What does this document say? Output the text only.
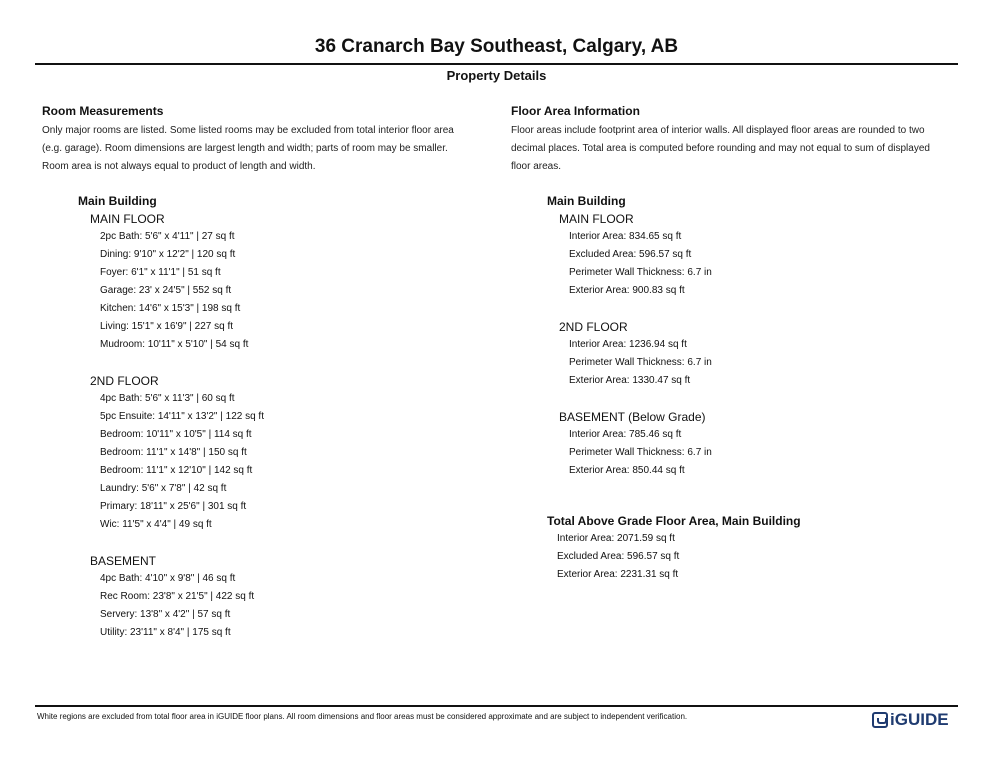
36 Cranarch Bay Southeast, Calgary, AB
Property Details
Room Measurements
Only major rooms are listed. Some listed rooms may be excluded from total interior floor area
(e.g. garage). Room dimensions are largest length and width; parts of room may be smaller.
Room area is not always equal to product of length and width.
Main Building
MAIN FLOOR
2pc Bath: 5'6" x 4'11" | 27 sq ft
Dining: 9'10" x 12'2" | 120 sq ft
Foyer: 6'1" x 11'1" | 51 sq ft
Garage: 23' x 24'5" | 552 sq ft
Kitchen: 14'6" x 15'3" | 198 sq ft
Living: 15'1" x 16'9" | 227 sq ft
Mudroom: 10'11" x 5'10" | 54 sq ft
2ND FLOOR
4pc Bath: 5'6" x 11'3" | 60 sq ft
5pc Ensuite: 14'11" x 13'2" | 122 sq ft
Bedroom: 10'11" x 10'5" | 114 sq ft
Bedroom: 11'1" x 14'8" | 150 sq ft
Bedroom: 11'1" x 12'10" | 142 sq ft
Laundry: 5'6" x 7'8" | 42 sq ft
Primary: 18'11" x 25'6" | 301 sq ft
Wic: 11'5" x 4'4" | 49 sq ft
BASEMENT
4pc Bath: 4'10" x 9'8" | 46 sq ft
Rec Room: 23'8" x 21'5" | 422 sq ft
Servery: 13'8" x 4'2" | 57 sq ft
Utility: 23'11" x 8'4" | 175 sq ft
Floor Area Information
Floor areas include footprint area of interior walls. All displayed floor areas are rounded to two
decimal places. Total area is computed before rounding and may not equal to sum of displayed
floor areas.
Main Building
MAIN FLOOR
Interior Area: 834.65 sq ft
Excluded Area: 596.57 sq ft
Perimeter Wall Thickness: 6.7 in
Exterior Area: 900.83 sq ft
2ND FLOOR
Interior Area: 1236.94 sq ft
Perimeter Wall Thickness: 6.7 in
Exterior Area: 1330.47 sq ft
BASEMENT (Below Grade)
Interior Area: 785.46 sq ft
Perimeter Wall Thickness: 6.7 in
Exterior Area: 850.44 sq ft
Total Above Grade Floor Area, Main Building
Interior Area: 2071.59 sq ft
Excluded Area: 596.57 sq ft
Exterior Area: 2231.31 sq ft
White regions are excluded from total floor area in iGUIDE floor plans. All room dimensions and floor areas must be considered approximate and are subject to independent verification.	iGUIDE
